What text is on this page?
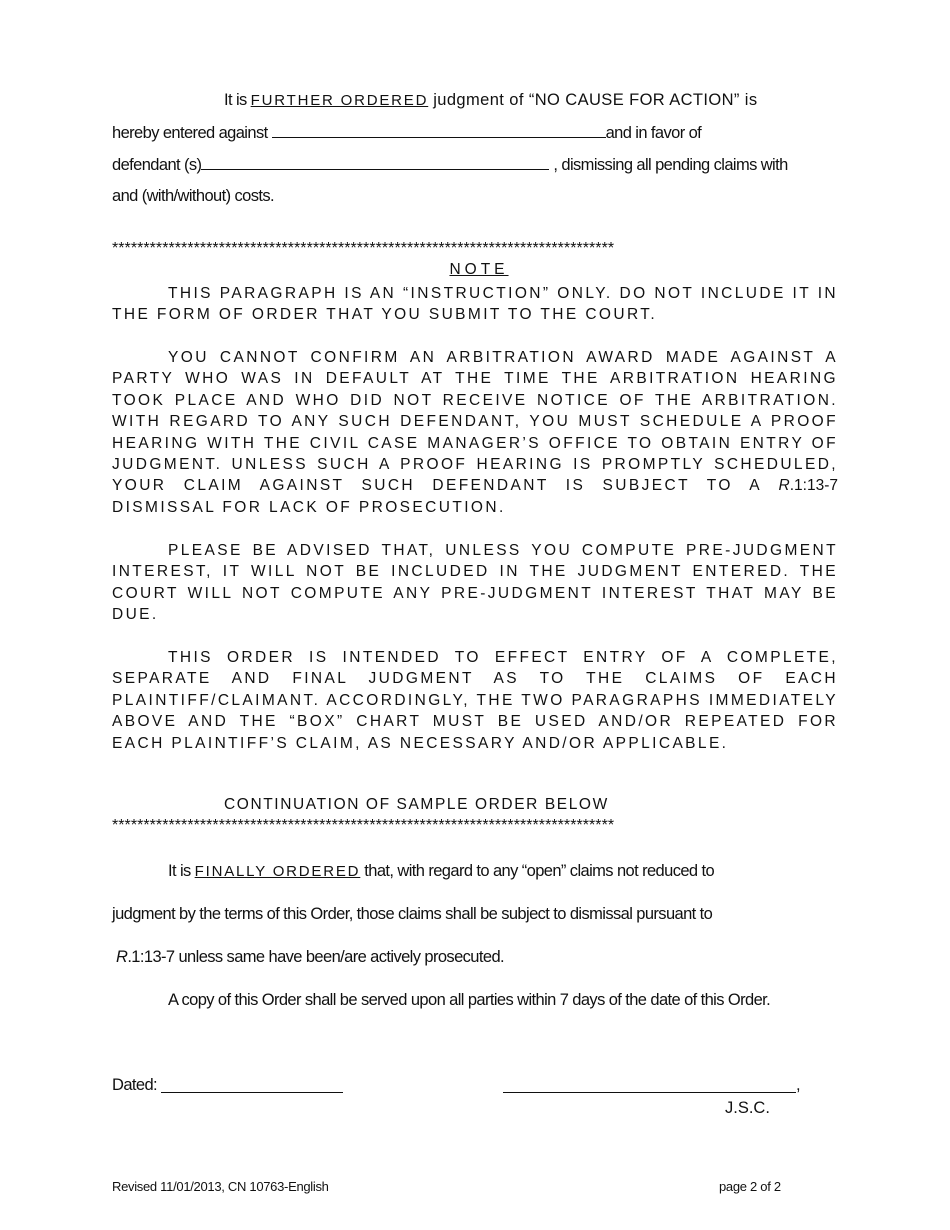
It is FURTHER ORDERED judgment of “NO CAUSE FOR ACTION” is
hereby entered against	and in favor of
defendant (s)	, dismissing all pending claims with
and (with/without) costs.
********************************************************************************
NOTE

THIS PARAGRAPH IS AN “INSTRUCTION” ONLY. DO NOT INCLUDE IT IN THE FORM OF ORDER THAT YOU SUBMIT TO THE COURT.

YOU CANNOT CONFIRM AN ARBITRATION AWARD MADE AGAINST A PARTY WHO WAS IN DEFAULT AT THE TIME THE ARBITRATION HEARING TOOK PLACE AND WHO DID NOT RECEIVE NOTICE OF THE ARBITRATION. WITH REGARD TO ANY SUCH DEFENDANT, YOU MUST SCHEDULE A PROOF HEARING WITH THE CIVIL CASE MANAGER’S OFFICE TO OBTAIN ENTRY OF JUDGMENT. UNLESS SUCH A PROOF HEARING IS PROMPTLY SCHEDULED, YOUR CLAIM AGAINST SUCH DEFENDANT IS SUBJECT TO A R.1:13-7 DISMISSAL FOR LACK OF PROSECUTION.

PLEASE BE ADVISED THAT, UNLESS YOU COMPUTE PRE-JUDGMENT INTEREST, IT WILL NOT BE INCLUDED IN THE JUDGMENT ENTERED. THE COURT WILL NOT COMPUTE ANY PRE-JUDGMENT INTEREST THAT MAY BE DUE.

THIS ORDER IS INTENDED TO EFFECT ENTRY OF A COMPLETE, SEPARATE AND FINAL JUDGMENT AS TO THE CLAIMS OF EACH PLAINTIFF/CLAIMANT. ACCORDINGLY, THE TWO PARAGRAPHS IMMEDIATELY ABOVE AND THE “BOX” CHART MUST BE USED AND/OR REPEATED FOR EACH PLAINTIFF’S CLAIM, AS NECESSARY AND/OR APPLICABLE.

CONTINUATION OF SAMPLE ORDER BELOW
********************************************************************************
It is FINALLY ORDERED that, with regard to any “open” claims not reduced to
judgment by the terms of this Order, those claims shall be subject to dismissal pursuant to
R.1:13-7 unless same have been/are actively prosecuted.
A copy of this Order shall be served upon all parties within 7 days of the date of this Order.
Dated:	,
J.S.C.
Revised 11/01/2013, CN 10763-English	page 2 of 2
